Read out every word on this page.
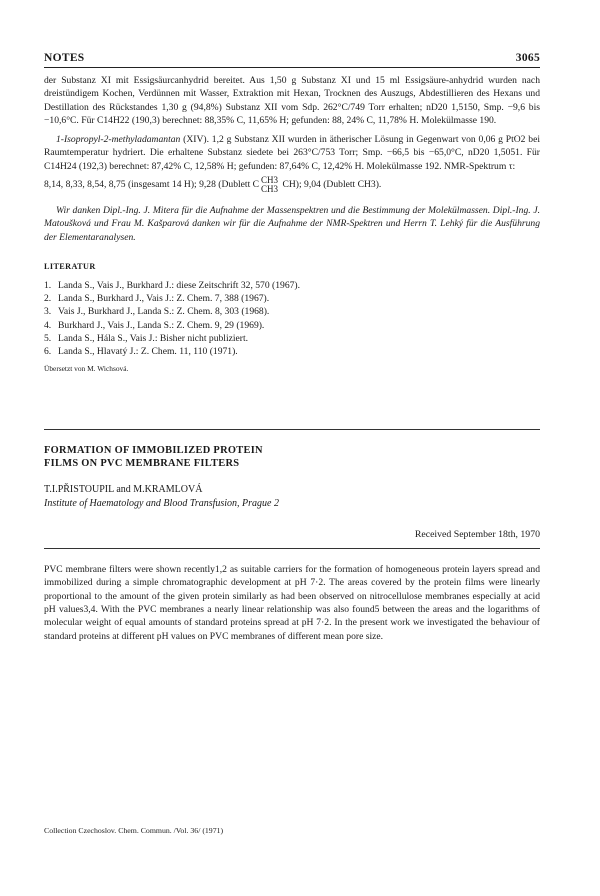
NOTES	3065

der Substanz XI mit Essigsäurcanhydrid bereitet. Aus 1,50 g Substanz XI und 15 ml Essigsäure-anhydrid wurden nach dreistündigem Kochen, Verdünnen mit Wasser, Extraktion mit Hexan, Trocknen des Auszugs, Abdestillieren des Hexans und Destillation des Rückstandes 1,30 g (94,8%) Substanz XII vom Sdp. 262°C/749 Torr erhalten; nD20 1,5150, Smp. −9,6 bis −10,6°C. Für C14H22 (190,3) berechnet: 88,35% C, 11,65% H; gefunden: 88, 24% C, 11,78% H. Molekülmasse 190.

1-Isopropyl-2-methyladamantan (XIV). 1,2 g Substanz XII wurden in ätherischer Lösung in Gegenwart von 0,06 g PtO2 bei Raumtemperatur hydriert. Die erhaltene Substanz siedete bei 263°C/753 Torr; Smp. −66,5 bis −65,0°C, nD20 1,5051. Für C14H24 (192,3) berechnet: 87,42% C, 12,58% H; gefunden: 87,64% C, 12,42% H. Molekülmasse 192. NMR-Spektrum τ:

8,14, 8,33, 8,54, 8,75 (insgesamt 14 H); 9,28 (Dublett C CH3
CH3 CH); 9,04 (Dublett CH3).

Wir danken Dipl.-Ing. J. Mitera für die Aufnahme der Massenspektren und die Bestimmung der Molekülmassen. Dipl.-Ing. J. Matoušková und Frau M. Kašparová danken wir für die Aufnahme der NMR-Spektren und Herrn T. Lehký für die Ausführung der Elementaranalysen.

LITERATUR
1. Landa S., Vais J., Burkhard J.: diese Zeitschrift 32, 570 (1967).
2. Landa S., Burkhard J., Vais J.: Z. Chem. 7, 388 (1967).
3. Vais J., Burkhard J., Landa S.: Z. Chem. 8, 303 (1968).
4. Burkhard J., Vais J., Landa S.: Z. Chem. 9, 29 (1969).
5. Landa S., Hála S., Vais J.: Bisher nicht publiziert.
6. Landa S., Hlavatý J.: Z. Chem. 11, 110 (1971).
Übersetzt von M. Wichsová.
FORMATION OF IMMOBILIZED PROTEIN
FILMS ON PVC MEMBRANE FILTERS
T.I.PŘISTOUPIL and M.KRAMLOVÁ
Institute of Haematology and Blood Transfusion, Prague 2
Received September 18th, 1970

PVC membrane filters were shown recently1,2 as suitable carriers for the formation of homogeneous protein layers spread and immobilized during a simple chromatographic development at pH 7·2. The areas covered by the protein films were linearly proportional to the amount of the given protein similarly as had been observed on nitrocellulose membranes especially at acid pH values3,4. With the PVC membranes a nearly linear relationship was also found5 between the areas and the logarithms of molecular weight of equal amounts of standard proteins spread at pH 7·2. In the present work we investigated the behaviour of standard proteins at different pH values on PVC membranes of different mean pore size.

Collection Czechoslov. Chem. Commun. /Vol. 36/ (1971)
